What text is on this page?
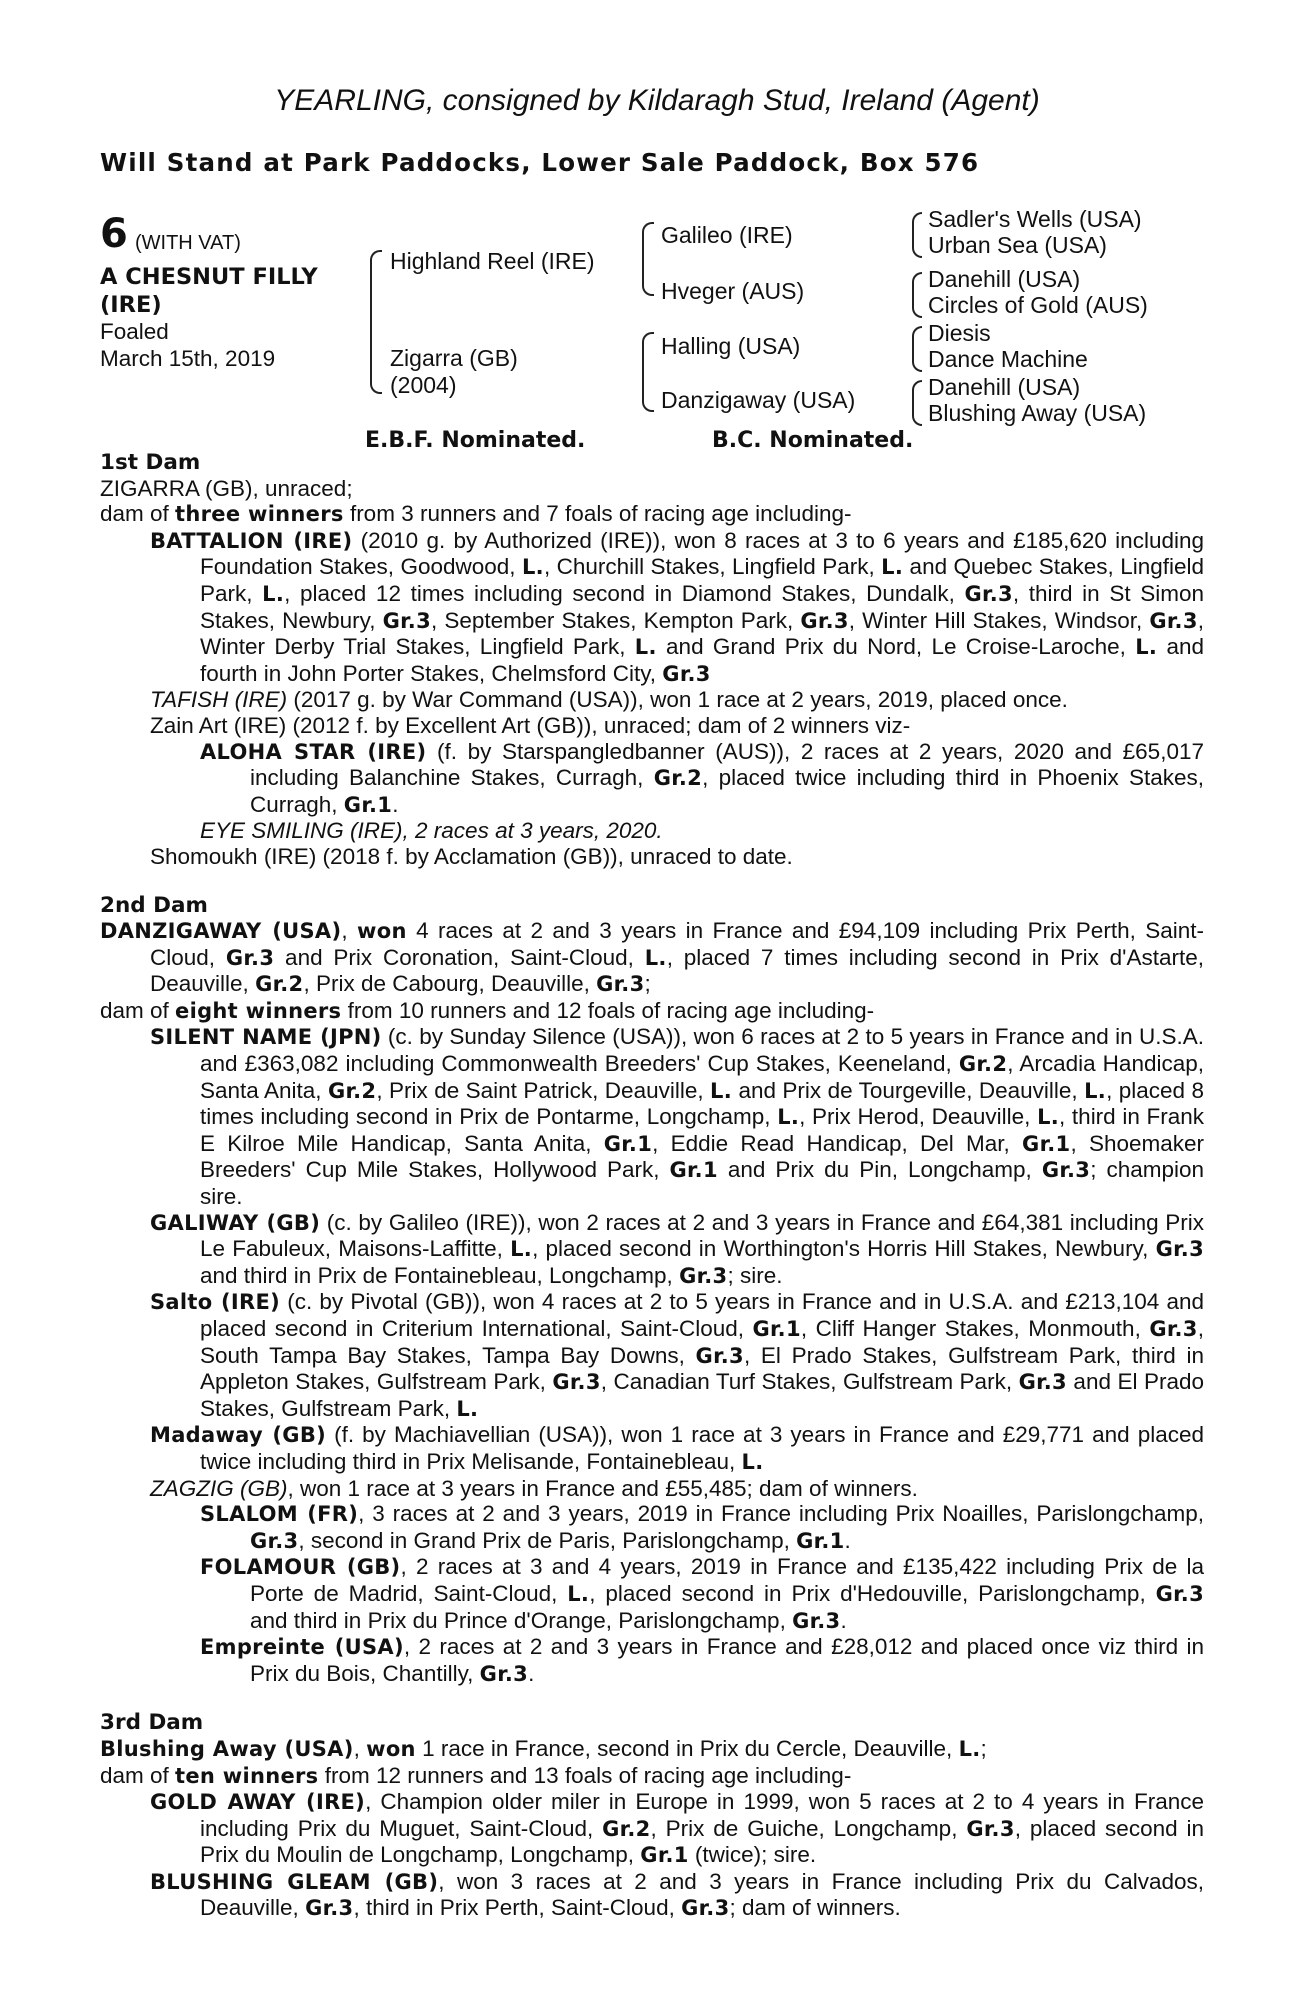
YEARLING, consigned by Kildaragh Stud, Ireland (Agent)
Will Stand at Park Paddocks, Lower Sale Paddock, Box 576
6 (WITH VAT)
A CHESNUT FILLY (IRE)
Foaled
March 15th, 2019
Highland Reel (IRE)
Zigarra (GB)
(2004)
Galileo (IRE)
Hveger (AUS)
Halling (USA)
Danzigaway (USA)
Sadler's Wells (USA)
Urban Sea (USA)
Danehill (USA)
Circles of Gold (AUS)
Diesis
Dance Machine
Danehill (USA)
Blushing Away (USA)
E.B.F. Nominated.	B.C. Nominated.
1st Dam
ZIGARRA (GB), unraced;
dam of three winners from 3 runners and 7 foals of racing age including-
BATTALION (IRE) (2010 g. by Authorized (IRE)), won 8 races at 3 to 6 years and £185,620 including Foundation Stakes, Goodwood, L., Churchill Stakes, Lingfield Park, L. and Quebec Stakes, Lingfield Park, L., placed 12 times including second in Diamond Stakes, Dundalk, Gr.3, third in St Simon Stakes, Newbury, Gr.3, September Stakes, Kempton Park, Gr.3, Winter Hill Stakes, Windsor, Gr.3, Winter Derby Trial Stakes, Lingfield Park, L. and Grand Prix du Nord, Le Croise-Laroche, L. and fourth in John Porter Stakes, Chelmsford City, Gr.3
TAFISH (IRE) (2017 g. by War Command (USA)), won 1 race at 2 years, 2019, placed once.
Zain Art (IRE) (2012 f. by Excellent Art (GB)), unraced; dam of 2 winners viz-
ALOHA STAR (IRE) (f. by Starspangledbanner (AUS)), 2 races at 2 years, 2020 and £65,017 including Balanchine Stakes, Curragh, Gr.2, placed twice including third in Phoenix Stakes, Curragh, Gr.1.
EYE SMILING (IRE), 2 races at 3 years, 2020.
Shomoukh (IRE) (2018 f. by Acclamation (GB)), unraced to date.
2nd Dam
DANZIGAWAY (USA), won 4 races at 2 and 3 years in France and £94,109 including Prix Perth, Saint-Cloud, Gr.3 and Prix Coronation, Saint-Cloud, L., placed 7 times including second in Prix d'Astarte, Deauville, Gr.2, Prix de Cabourg, Deauville, Gr.3;
dam of eight winners from 10 runners and 12 foals of racing age including-
SILENT NAME (JPN) (c. by Sunday Silence (USA)), won 6 races at 2 to 5 years in France and in U.S.A. and £363,082 including Commonwealth Breeders' Cup Stakes, Keeneland, Gr.2, Arcadia Handicap, Santa Anita, Gr.2, Prix de Saint Patrick, Deauville, L. and Prix de Tourgeville, Deauville, L., placed 8 times including second in Prix de Pontarme, Longchamp, L., Prix Herod, Deauville, L., third in Frank E Kilroe Mile Handicap, Santa Anita, Gr.1, Eddie Read Handicap, Del Mar, Gr.1, Shoemaker Breeders' Cup Mile Stakes, Hollywood Park, Gr.1 and Prix du Pin, Longchamp, Gr.3; champion sire.
GALIWAY (GB) (c. by Galileo (IRE)), won 2 races at 2 and 3 years in France and £64,381 including Prix Le Fabuleux, Maisons-Laffitte, L., placed second in Worthington's Horris Hill Stakes, Newbury, Gr.3 and third in Prix de Fontainebleau, Longchamp, Gr.3; sire.
Salto (IRE) (c. by Pivotal (GB)), won 4 races at 2 to 5 years in France and in U.S.A. and £213,104 and placed second in Criterium International, Saint-Cloud, Gr.1, Cliff Hanger Stakes, Monmouth, Gr.3, South Tampa Bay Stakes, Tampa Bay Downs, Gr.3, El Prado Stakes, Gulfstream Park, third in Appleton Stakes, Gulfstream Park, Gr.3, Canadian Turf Stakes, Gulfstream Park, Gr.3 and El Prado Stakes, Gulfstream Park, L.
Madaway (GB) (f. by Machiavellian (USA)), won 1 race at 3 years in France and £29,771 and placed twice including third in Prix Melisande, Fontainebleau, L.
ZAGZIG (GB), won 1 race at 3 years in France and £55,485; dam of winners.
SLALOM (FR), 3 races at 2 and 3 years, 2019 in France including Prix Noailles, Parislongchamp, Gr.3, second in Grand Prix de Paris, Parislongchamp, Gr.1.
FOLAMOUR (GB), 2 races at 3 and 4 years, 2019 in France and £135,422 including Prix de la Porte de Madrid, Saint-Cloud, L., placed second in Prix d'Hedouville, Parislongchamp, Gr.3 and third in Prix du Prince d'Orange, Parislongchamp, Gr.3.
Empreinte (USA), 2 races at 2 and 3 years in France and £28,012 and placed once viz third in Prix du Bois, Chantilly, Gr.3.
3rd Dam
Blushing Away (USA), won 1 race in France, second in Prix du Cercle, Deauville, L.;
dam of ten winners from 12 runners and 13 foals of racing age including-
GOLD AWAY (IRE), Champion older miler in Europe in 1999, won 5 races at 2 to 4 years in France including Prix du Muguet, Saint-Cloud, Gr.2, Prix de Guiche, Longchamp, Gr.3, placed second in Prix du Moulin de Longchamp, Longchamp, Gr.1 (twice); sire.
BLUSHING GLEAM (GB), won 3 races at 2 and 3 years in France including Prix du Calvados, Deauville, Gr.3, third in Prix Perth, Saint-Cloud, Gr.3; dam of winners.
